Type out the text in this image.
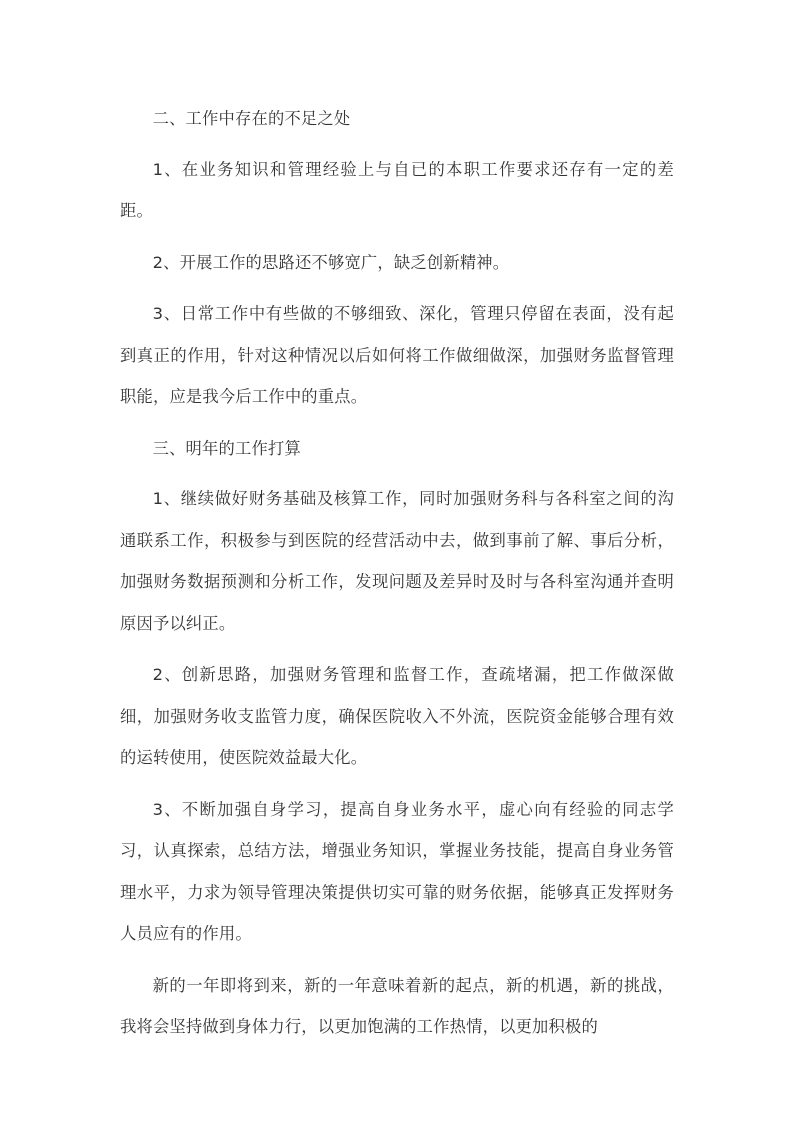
二、工作中存在的不足之处

1、在业务知识和管理经验上与自已的本职工作要求还存有一定的差距。

2、开展工作的思路还不够宽广，缺乏创新精神。

3、日常工作中有些做的不够细致、深化，管理只停留在表面，没有起到真正的作用，针对这种情况以后如何将工作做细做深，加强财务监督管理职能，应是我今后工作中的重点。

三、明年的工作打算

1、继续做好财务基础及核算工作，同时加强财务科与各科室之间的沟通联系工作，积极参与到医院的经营活动中去，做到事前了解、事后分析，加强财务数据预测和分析工作，发现问题及差异时及时与各科室沟通并查明原因予以纠正。

2、创新思路，加强财务管理和监督工作，查疏堵漏，把工作做深做细，加强财务收支监管力度，确保医院收入不外流，医院资金能够合理有效的运转使用，使医院效益最大化。

3、不断加强自身学习，提高自身业务水平，虚心向有经验的同志学习，认真探索，总结方法，增强业务知识，掌握业务技能，提高自身业务管理水平，力求为领导管理决策提供切实可靠的财务依据，能够真正发挥财务人员应有的作用。

新的一年即将到来，新的一年意味着新的起点，新的机遇，新的挑战，我将会坚持做到身体力行，以更加饱满的工作热情，以更加积极的
